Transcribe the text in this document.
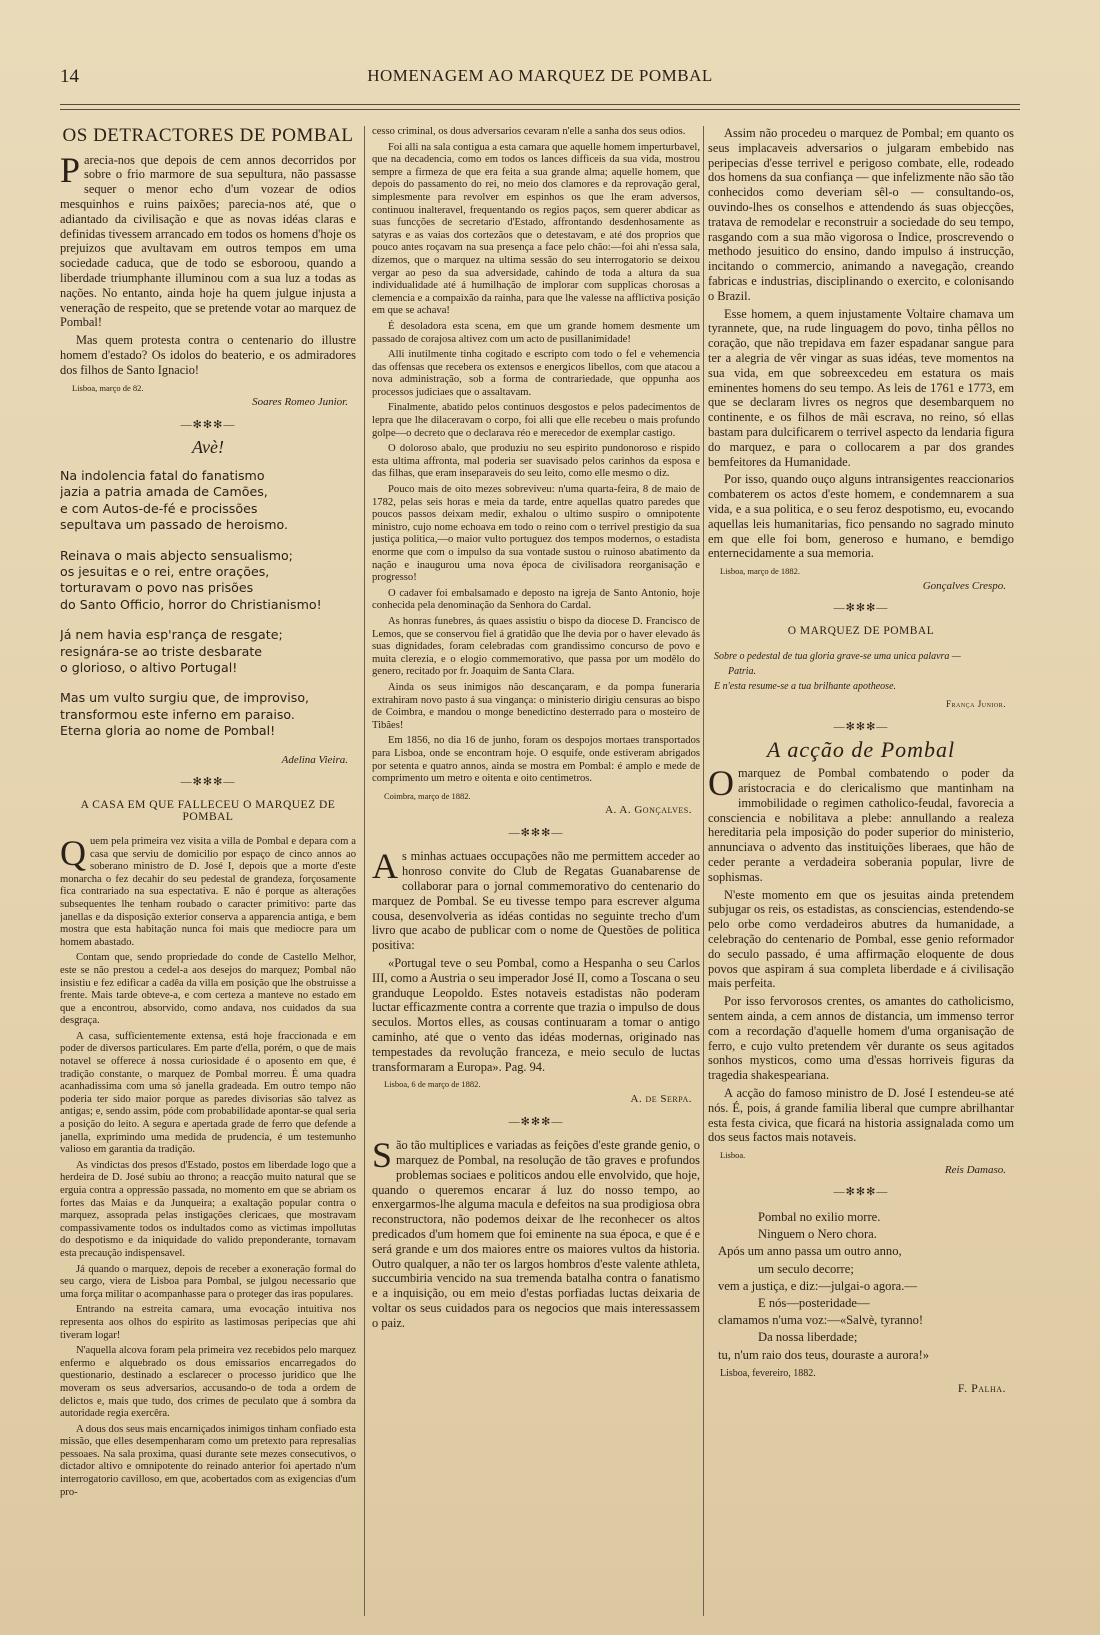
14	HOMENAGEM AO MARQUEZ DE POMBAL
OS DETRACTORES DE POMBAL

Parecia-nos que depois de cem annos decorridos por sobre o frio marmore de sua sepultura, não passasse sequer o menor echo d'um vozear de odios mesquinhos e ruins paixões; parecia-nos até, que o adiantado da civilisação e que as novas idéas claras e definidas tivessem arrancado em todos os homens d'hoje os prejuizos que avultavam em outros tempos em uma sociedade caduca, que de todo se esboroou, quando a liberdade triumphante illuminou com a sua luz a todas as nações. No entanto, ainda hoje ha quem julgue injusta a veneração de respeito, que se pretende votar ao marquez de Pombal!

Mas quem protesta contra o centenario do illustre homem d'estado? Os idolos do beaterio, e os admiradores dos filhos de Santo Ignacio!

Lisboa, março de 82.

Soares Romeo Junior.

—✻✻✻—
Avè!
Na indolencia fatal do fanatismo
jazia a patria amada de Camões,
e com Autos-de-fé e procissões
sepultava um passado de heroismo.
Reinava o mais abjecto sensualismo;
os jesuitas e o rei, entre orações,
torturavam o povo nas prisões
do Santo Officio, horror do Christianismo!
Já nem havia esp'rança de resgate;
resignára-se ao triste desbarate
o glorioso, o altivo Portugal!
Mas um vulto surgiu que, de improviso,
transformou este inferno em paraiso.
Eterna gloria ao nome de Pombal!

Adelina Vieira.

—✻✻✻—
A CASA EM QUE FALLECEU O MARQUEZ DE POMBAL

Quem pela primeira vez visita a villa de Pombal e depara com a casa que serviu de domicilio por espaço de cinco annos ao soberano ministro de D. José I, depois que a morte d'este monarcha o fez decahir do seu pedestal de grandeza, forçosamente fica contrariado na sua espectativa. E não é porque as alterações subsequentes lhe tenham roubado o caracter primitivo: parte das janellas e da disposição exterior conserva a apparencia antiga, e bem mostra que esta habitação nunca foi mais que mediocre para um homem abastado.

Contam que, sendo propriedade do conde de Castello Melhor, este se não prestou a cedel-a aos desejos do marquez; Pombal não insistiu e fez edificar a cadêa da villa em posição que lhe obstruisse a frente. Mais tarde obteve-a, e com certeza a manteve no estado em que a encontrou, absorvido, como andava, nos cuidados da sua desgraça.

A casa, sufficientemente extensa, está hoje fraccionada e em poder de diversos particulares. Em parte d'ella, porém, o que de mais notavel se offerece á nossa curiosidade é o aposento em que, é tradição constante, o marquez de Pombal morreu. É uma quadra acanhadissima com uma só janella gradeada. Em outro tempo não poderia ter sido maior porque as paredes divisorias são talvez as antigas; e, sendo assim, póde com probabilidade apontar-se qual seria a posição do leito. A segura e apertada grade de ferro que defende a janella, exprimindo uma medida de prudencia, é um testemunho valioso em garantia da tradição.

As vindictas dos presos d'Estado, postos em liberdade logo que a herdeira de D. José subiu ao throno; a reacção muito natural que se erguia contra a oppressão passada, no momento em que se abriam os fortes das Maias e da Junqueira; a exaltação popular contra o marquez, assoprada pelas instigações clericaes, que mostravam compassivamente todos os indultados como as victimas impollutas do despotismo e da iniquidade do valido preponderante, tornavam esta precaução indispensavel.

Já quando o marquez, depois de receber a exoneração formal do seu cargo, viera de Lisboa para Pombal, se julgou necessario que uma força militar o acompanhasse para o proteger das iras populares.

Entrando na estreita camara, uma evocação intuitiva nos representa aos olhos do espirito as lastimosas peripecias que ahi tiveram logar!

N'aquella alcova foram pela primeira vez recebidos pelo marquez enfermo e alquebrado os dous emissarios encarregados do questionario, destinado a esclarecer o processo juridico que lhe moveram os seus adversarios, accusando-o de toda a ordem de delictos e, mais que tudo, dos crimes de peculato que á sombra da autoridade regia exercêra.

A dous dos seus mais encarniçados inimigos tinham confiado esta missão, que elles desempenharam como um pretexto para represalias pessoaes. Na sala proxima, quasi durante sete mezes consecutivos, o dictador altivo e omnipotente do reinado anterior foi apertado n'um interrogatorio cavilloso, em que, acobertados com as exigencias d'um pro-

cesso criminal, os dous adversarios cevaram n'elle a sanha dos seus odios.

Foi alli na sala contigua a esta camara que aquelle homem imperturbavel, que na decadencia, como em todos os lances difficeis da sua vida, mostrou sempre a firmeza de que era feita a sua grande alma; aquelle homem, que depois do passamento do rei, no meio dos clamores e da reprovação geral, simplesmente para revolver em espinhos os que lhe eram adversos, continuou inalteravel, frequentando os regios paços, sem querer abdicar as suas funcções de secretario d'Estado, affrontando desdenhosamente as satyras e as vaias dos cortezãos que o detestavam, e até dos proprios que pouco antes roçavam na sua presença a face pelo chão:—foi ahi n'essa sala, dizemos, que o marquez na ultima sessão do seu interrogatorio se deixou vergar ao peso da sua adversidade, cahindo de toda a altura da sua individualidade até á humilhação de implorar com supplicas chorosas a clemencia e a compaixão da rainha, para que lhe valesse na afflictiva posição em que se achava!

É desoladora esta scena, em que um grande homem desmente um passado de corajosa altivez com um acto de pusillanimidade!

Alli inutilmente tinha cogitado e escripto com todo o fel e vehemencia das offensas que recebera os extensos e energicos libellos, com que atacou a nova administração, sob a forma de contrariedade, que oppunha aos processos judiciaes que o assaltavam.

Finalmente, abatido pelos continuos desgostos e pelos padecimentos de lepra que lhe dilaceravam o corpo, foi alli que elle recebeu o mais profundo golpe—o decreto que o declarava réo e merecedor de exemplar castigo.

O doloroso abalo, que produziu no seu espirito pundonoroso e rispido esta ultima affronta, mal poderia ser suavisado pelos carinhos da esposa e das filhas, que eram inseparaveis do seu leito, como elle mesmo o diz.

Pouco mais de oito mezes sobreviveu: n'uma quarta-feira, 8 de maio de 1782, pelas seis horas e meia da tarde, entre aquellas quatro paredes que poucos passos deixam medir, exhalou o ultimo suspiro o omnipotente ministro, cujo nome echoava em todo o reino com o terrivel prestigio da sua justiça politica,—o maior vulto portuguez dos tempos modernos, o estadista enorme que com o impulso da sua vontade sustou o ruinoso abatimento da nação e inaugurou uma nova época de civilisadora reorganisação e progresso!

O cadaver foi embalsamado e deposto na igreja de Santo Antonio, hoje conhecida pela denominação da Senhora do Cardal.

As honras funebres, ás quaes assistiu o bispo da diocese D. Francisco de Lemos, que se conservou fiel á gratidão que lhe devia por o haver elevado ás suas dignidades, foram celebradas com grandissimo concurso de povo e muita clerezia, e o elogio commemorativo, que passa por um modêlo do genero, recitado por fr. Joaquim de Santa Clara.

Ainda os seus inimigos não descançaram, e da pompa funeraria extrahiram novo pasto á sua vingança: o ministerio dirigiu censuras ao bispo de Coimbra, e mandou o monge benedictino desterrado para o mosteiro de Tibães!

Em 1856, no dia 16 de junho, foram os despojos mortaes transportados para Lisboa, onde se encontram hoje. O esquife, onde estiveram abrigados por setenta e quatro annos, ainda se mostra em Pombal: é amplo e mede de comprimento um metro e oitenta e oito centimetros.

Coimbra, março de 1882.

A. A. Gonçalves.

—✻✻✻—

As minhas actuaes occupações não me permittem acceder ao honroso convite do Club de Regatas Guanabarense de collaborar para o jornal commemorativo do centenario do marquez de Pombal. Se eu tivesse tempo para escrever alguma cousa, desenvolveria as idéas contidas no seguinte trecho d'um livro que acabo de publicar com o nome de Questões de politica positiva:

«Portugal teve o seu Pombal, como a Hespanha o seu Carlos III, como a Austria o seu imperador José II, como a Toscana o seu granduque Leopoldo. Estes notaveis estadistas não poderam luctar efficazmente contra a corrente que trazia o impulso de dous seculos. Mortos elles, as cousas continuaram a tomar o antigo caminho, até que o vento das idéas modernas, originado nas tempestades da revolução franceza, e meio seculo de luctas transformaram a Europa». Pag. 94.

Lisboa, 6 de março de 1882.

A. de Serpa.

—✻✻✻—

São tão multiplices e variadas as feições d'este grande genio, o marquez de Pombal, na resolução de tão graves e profundos problemas sociaes e politicos andou elle envolvido, que hoje, quando o queremos encarar á luz do nosso tempo, ao enxergarmos-lhe alguma macula e defeitos na sua prodigiosa obra reconstructora, não podemos deixar de lhe reconhecer os altos predicados d'um homem que foi eminente na sua época, e que é e será grande e um dos maiores entre os maiores vultos da historia. Outro qualquer, a não ter os largos hombros d'este valente athleta, succumbiria vencido na sua tremenda batalha contra o fanatismo e a inquisição, ou em meio d'estas porfiadas luctas deixaria de voltar os seus cuidados para os negocios que mais interessassem o paiz.

Assim não procedeu o marquez de Pombal; em quanto os seus implacaveis adversarios o julgaram embebido nas peripecias d'esse terrivel e perigoso combate, elle, rodeado dos homens da sua confiança — que infelizmente não são tão conhecidos como deveriam sêl-o — consultando-os, ouvindo-lhes os conselhos e attendendo ás suas objecções, tratava de remodelar e reconstruir a sociedade do seu tempo, rasgando com a sua mão vigorosa o Indice, proscrevendo o methodo jesuitico do ensino, dando impulso á instrucção, incitando o commercio, animando a navegação, creando fabricas e industrias, disciplinando o exercito, e colonisando o Brazil.

Esse homem, a quem injustamente Voltaire chamava um tyrannete, que, na rude linguagem do povo, tinha pêllos no coração, que não trepidava em fazer espadanar sangue para ter a alegria de vêr vingar as suas idéas, teve momentos na sua vida, em que sobreexcedeu em estatura os mais eminentes homens do seu tempo. As leis de 1761 e 1773, em que se declaram livres os negros que desembarquem no continente, e os filhos de mãi escrava, no reino, só ellas bastam para dulcificarem o terrivel aspecto da lendaria figura do marquez, e para o collocarem a par dos grandes bemfeitores da Humanidade.

Por isso, quando ouço alguns intransigentes reaccionarios combaterem os actos d'este homem, e condemnarem a sua vida, e a sua politica, e o seu feroz despotismo, eu, evocando aquellas leis humanitarias, fico pensando no sagrado minuto em que elle foi bom, generoso e humano, e bemdigo enternecidamente a sua memoria.

Lisboa, março de 1882.

Gonçalves Crespo.

—✻✻✻—
O MARQUEZ DE POMBAL
Sobre o pedestal de tua gloria grave-se uma unica palavra —
Patria.
E n'esta resume-se a tua brilhante apotheose.

França Junior.

—✻✻✻—
A acção de Pombal

Omarquez de Pombal combatendo o poder da aristocracia e do clericalismo que mantinham na immobilidade o regimen catholico-feudal, favorecia a consciencia e nobilitava a plebe: annullando a realeza hereditaria pela imposição do poder superior do ministerio, annunciava o advento das instituições liberaes, que hão de ceder perante a verdadeira soberania popular, livre de sophismas.

N'este momento em que os jesuitas ainda pretendem subjugar os reis, os estadistas, as consciencias, estendendo-se pelo orbe como verdadeiros abutres da humanidade, a celebração do centenario de Pombal, esse genio reformador do seculo passado, é uma affirmação eloquente de dous povos que aspiram á sua completa liberdade e á civilisação mais perfeita.

Por isso fervorosos crentes, os amantes do catholicismo, sentem ainda, a cem annos de distancia, um immenso terror com a recordação d'aquelle homem d'uma organisação de ferro, e cujo vulto pretendem vêr durante os seus agitados sonhos mysticos, como uma d'essas horriveis figuras da tragedia shakespeariana.

A acção do famoso ministro de D. José I estendeu-se até nós. É, pois, á grande familia liberal que cumpre abrilhantar esta festa civica, que ficará na historia assignalada como um dos seus factos mais notaveis.

Lisboa.

Reis Damaso.

—✻✻✻—
Pombal no exilio morre.
Ninguem o Nero chora.
Após um anno passa um outro anno,
um seculo decorre;
vem a justiça, e diz:—julgai-o agora.—
E nós—posteridade—
clamamos n'uma voz:—«Salvè, tyranno!
Da nossa liberdade;
tu, n'um raio dos teus, douraste a aurora!»

Lisboa, fevereiro, 1882.

F. Palha.
